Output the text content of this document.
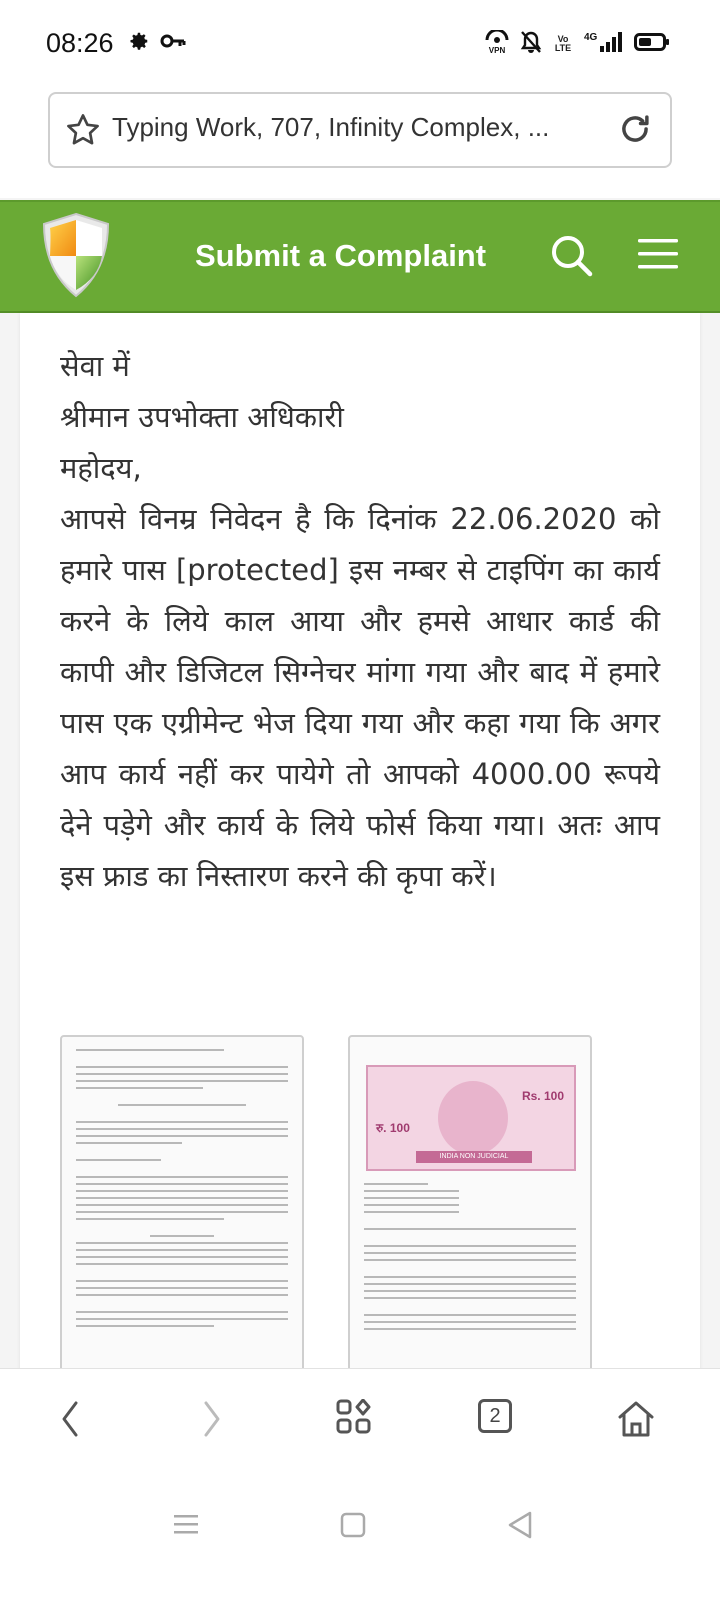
08:26	VPN
Vo LTE
4G
Typing Work, 707, Infinity Complex, ...
Submit a Complaint

सेवा में

श्रीमान उपभोक्ता अधिकारी

महोदय,

आपसे विनम्र निवेदन है कि दिनांक 22.06.2020 को हमारे पास [protected] इस नम्बर से टाइपिंग का कार्य करने के लिये काल आया और हमसे आधार कार्ड की कापी और डिजिटल सिग्नेचर मांगा गया और बाद में हमारे पास एक एग्रीमेन्ट भेज दिया गया और कहा गया कि अगर आप कार्य नहीं कर पायेगे तो आपको 4000.00 रूपये देने पड़ेगे और कार्य के लिये फोर्स किया गया। अतः आप इस फ्राड का निस्तारण करने की कृपा करें।

Rs. 100
रु. 100
INDIA NON JUDICIAL
2
